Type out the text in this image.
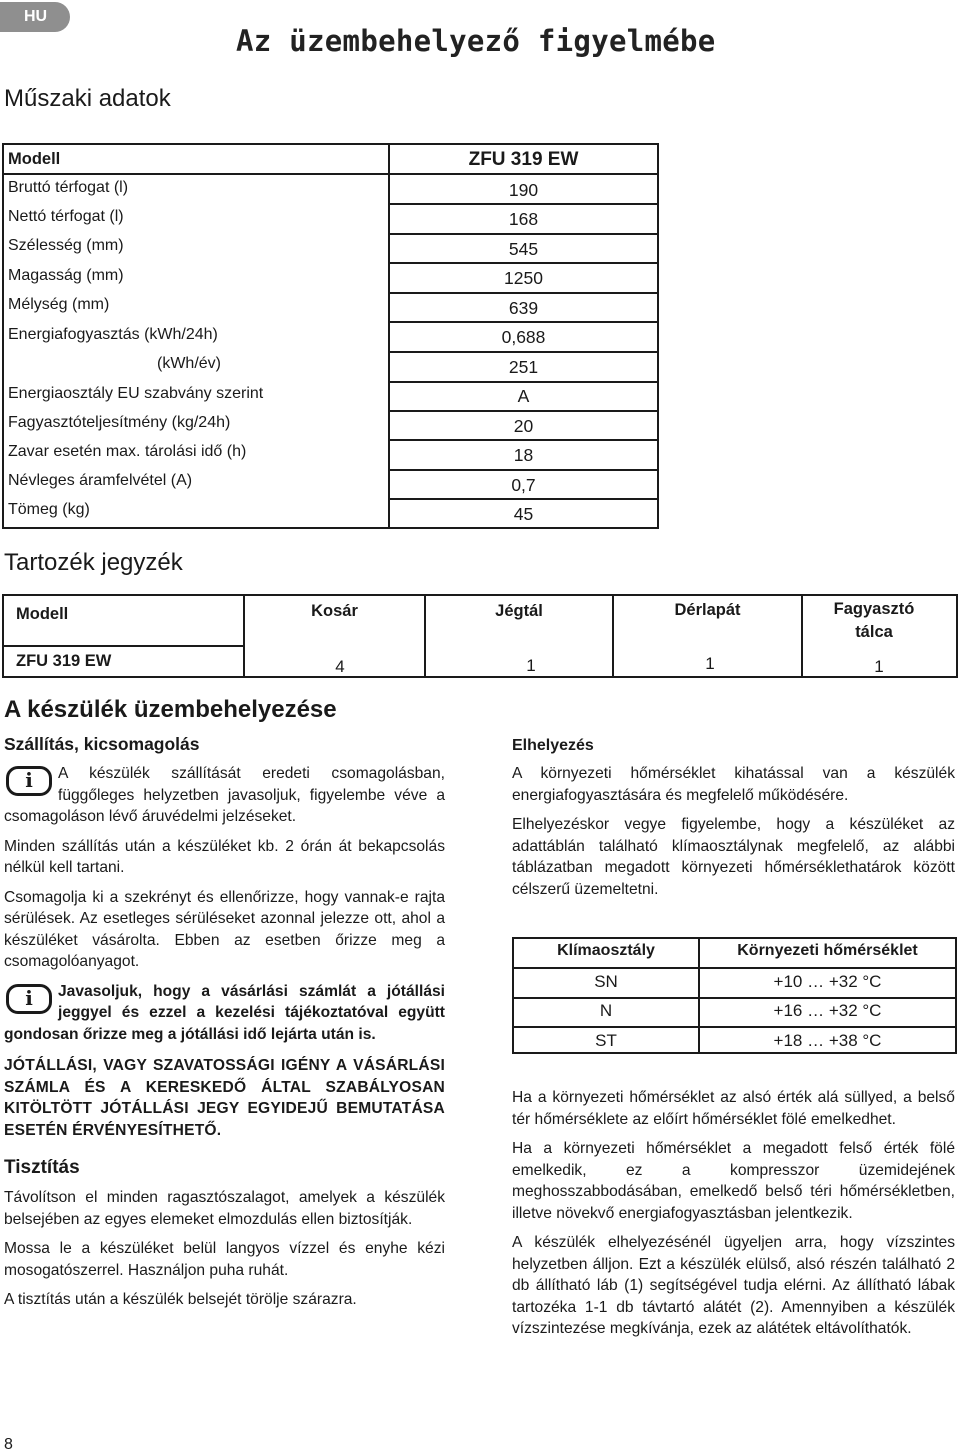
HU
Az üzembehelyező figyelmébe
Műszaki adatok
Modell	ZFU 319 EW
Bruttó térfogat (l)	190
Nettó térfogat (l)	168
Szélesség (mm)	545
Magasság (mm)	1250
Mélység (mm)	639
Energiafogyasztás (kWh/24h)	0,688
(kWh/év)	251
Energiaosztály EU szabvány szerint	A
Fagyasztóteljesítmény (kg/24h)	20
Zavar esetén max. tárolási idő (h)	18
Névleges áramfelvétel (A)	0,7
Tömeg (kg)	45
Tartozék jegyzék
Modell	Kosár	Jégtál	Dérlapát	Fagyasztó tálca
ZFU 319 EW	4	1	1	1
A készülék üzembehelyezése
Szállítás, kicsomagolás
i	A készülék szállítását eredeti csomagolásban, függőleges helyzetben javasoljuk, figyelembe véve a csomagoláson lévő áruvédelmi jelzéseket.

Minden szállítás után a készüléket kb. 2 órán át bekapcsolás nélkül kell tartani.

Csomagolja ki a szekrényt és ellenőrizze, hogy vannak-e rajta sérülések. Az esetleges sérüléseket azonnal jelezze ott, ahol a készüléket vásárolta. Ebben az esetben őrizze meg a csomagolóanyagot.

i	Javasoljuk, hogy a vásárlási számlát a jótállási jeggyel és ezzel a kezelési tájékoztatóval együtt gondosan őrizze meg a jótállási idő lejárta után is.

JÓTÁLLÁSI, VAGY SZAVATOSSÁGI IGÉNY A VÁSÁRLÁSI SZÁMLA ÉS A KERESKEDŐ ÁLTAL SZABÁLYOSAN KITÖLTÖTT JÓTÁLLÁSI JEGY EGYIDEJŰ BEMUTATÁSA ESETÉN ÉRVÉNYESÍTHETŐ.

Tisztítás

Távolítson el minden ragasztószalagot, amelyek a készülék belsejében az egyes elemeket elmozdulás ellen biztosítják.

Mossa le a készüléket belül langyos vízzel és enyhe kézi mosogatószerrel. Használjon puha ruhát.

A tisztítás után a készülék belsejét törölje szárazra.

Elhelyezés

A környezeti hőmérséklet kihatással van a készülék energiafogyasztására és megfelelő működésére.

Elhelyezéskor vegye figyelembe, hogy a készüléket az adattáblán található klímaosztálynak megfelelő, az alábbi táblázatban megadott környezeti hőmérséklethatárok között célszerű üzemeltetni.

Klímaosztály	Környezeti hőmérséklet
SN	+10 … +32 °C
N	+16 … +32 °C
ST	+18 … +38 °C

Ha a környezeti hőmérséklet az alsó érték alá süllyed, a belső tér hőmérséklete az előírt hőmérséklet fölé emelkedhet.

Ha a környezeti hőmérséklet a megadott felső érték fölé emelkedik, ez a kompresszor üzemidejének meghosszabbodásában, emelkedő belső téri hőmérsékletben, illetve növekvő energiafogyasztásban jelentkezik.

A készülék elhelyezésénél ügyeljen arra, hogy vízszintes helyzetben álljon. Ezt a készülék elülső, alsó részén található 2 db állítható láb (1) segítségével tudja elérni. Az állítható lábak tartozéka 1-1 db távtartó alátét (2). Amennyiben a készülék vízszintezése megkívánja, ezek az alátétek eltávolíthatók.

8
